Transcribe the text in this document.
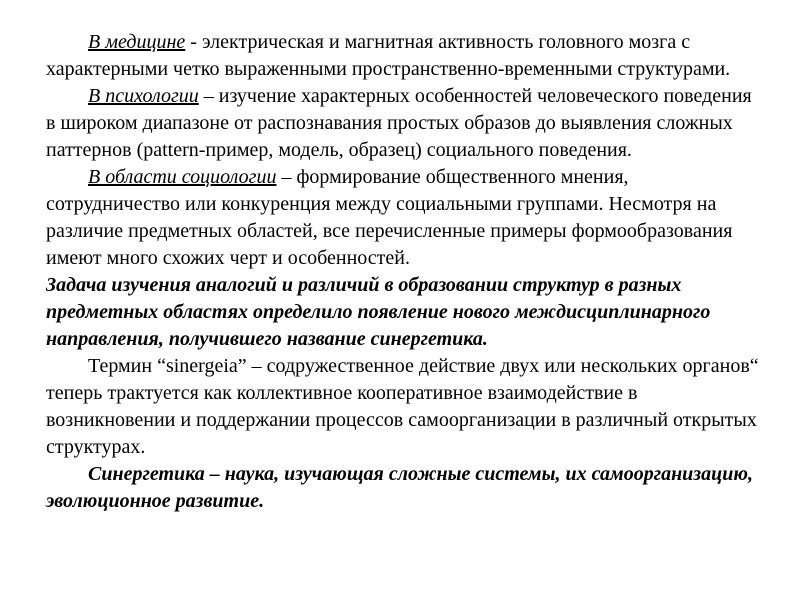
В медицине - электрическая и магнитная активность головного мозга с характерными четко выраженными пространственно-временными структурами.

В психологии – изучение характерных особенностей человеческого поведения в широком диапазоне от распознавания простых образов до выявления сложных паттернов (pattern-пример, модель, образец) социального поведения.

В области социологии – формирование общественного мнения, сотрудничество или конкуренция между социальными группами. Несмотря на различие предметных областей, все перечисленные примеры формообразования имеют много схожих черт и особенностей.

Задача изучения аналогий и различий в образовании структур в разных предметных областях определило появление нового междисциплинарного направления, получившего название синергетика.

Термин “sinergeia” – содружественное действие двух или нескольких органов“ теперь трактуется как коллективное кооперативное взаимодействие в возникновении и поддержании процессов самоорганизации в различный открытых структурах.

Синергетика – наука, изучающая сложные системы, их самоорганизацию, эволюционное развитие.
